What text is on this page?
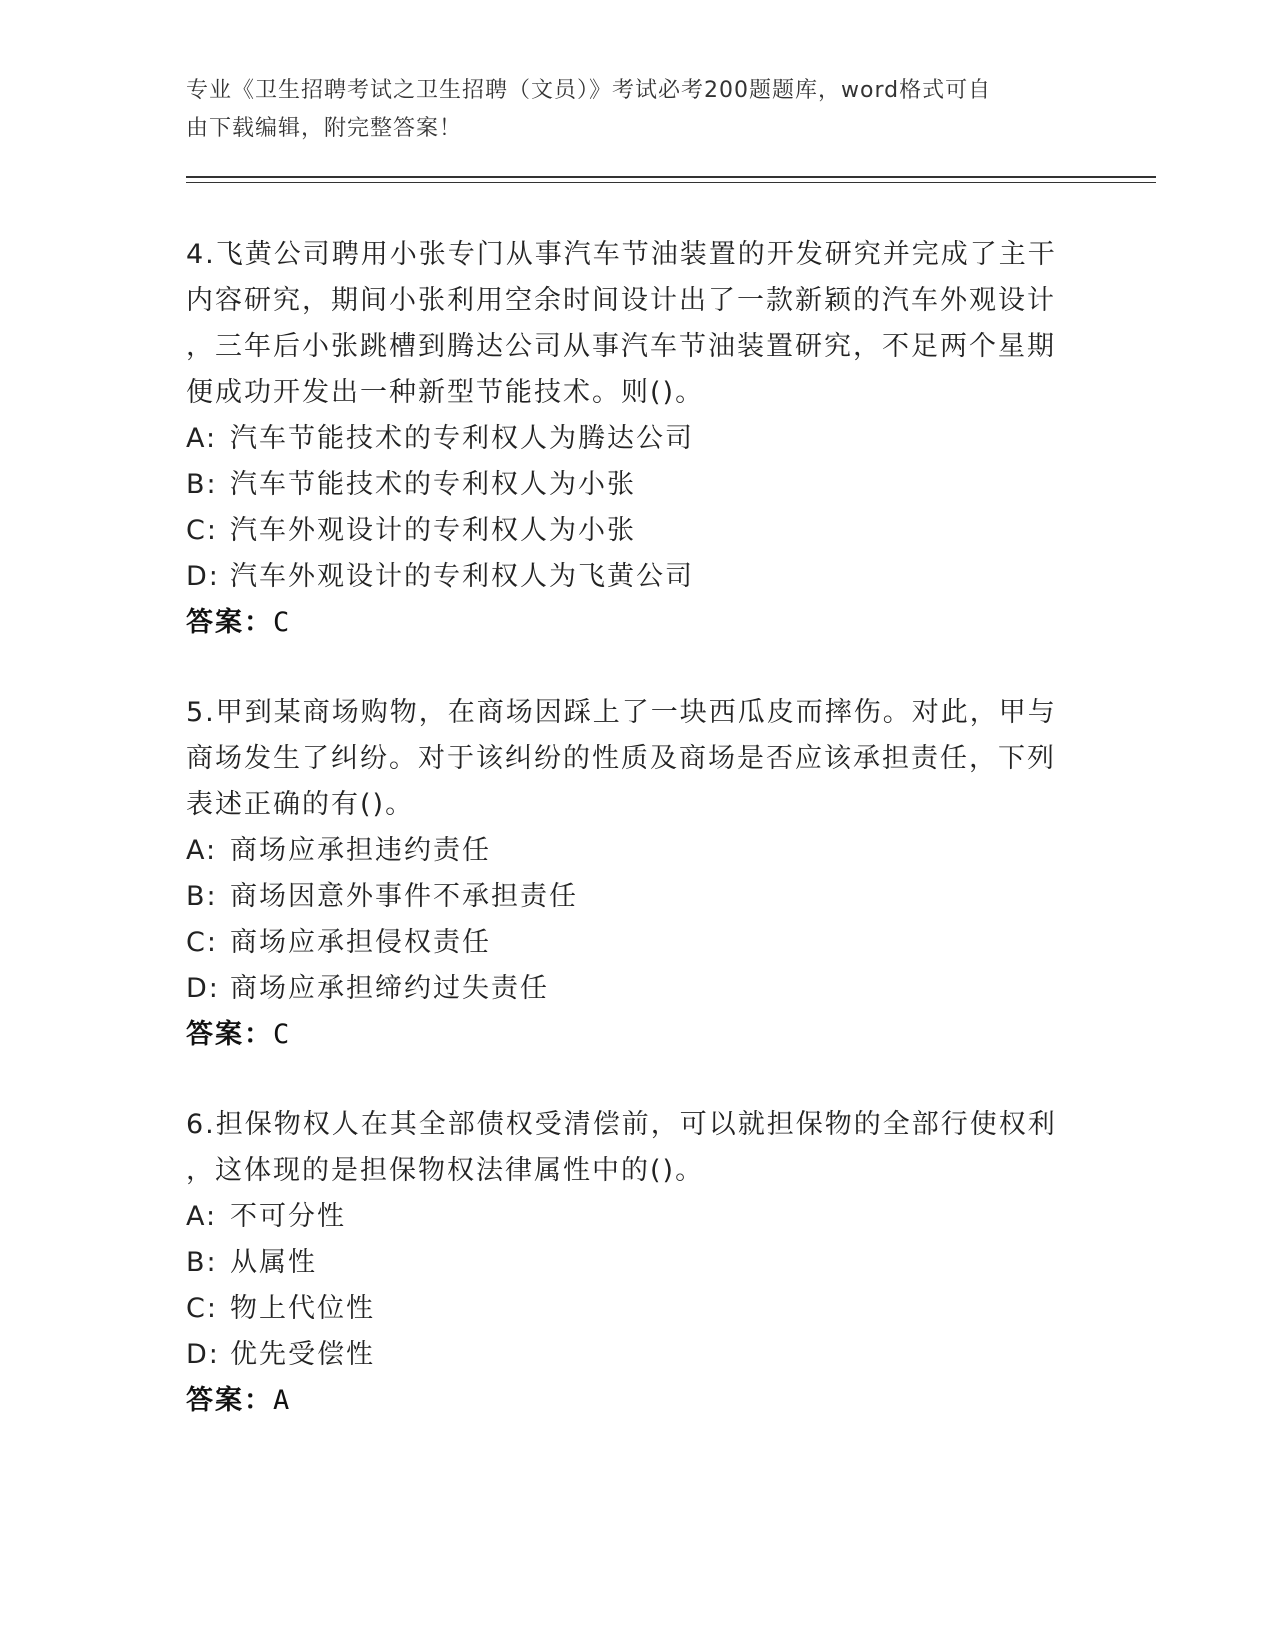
专业《卫生招聘考试之卫生招聘（文员）》考试必考200题题库，word格式可自
由下载编辑，附完整答案！
4.飞黄公司聘用小张专门从事汽车节油装置的开发研究并完成了主干
内容研究，期间小张利用空余时间设计出了一款新颖的汽车外观设计
，三年后小张跳槽到腾达公司从事汽车节油装置研究，不足两个星期
便成功开发出一种新型节能技术。则()。
A: 汽车节能技术的专利权人为腾达公司
B: 汽车节能技术的专利权人为小张
C: 汽车外观设计的专利权人为小张
D: 汽车外观设计的专利权人为飞黄公司
答案：C
5.甲到某商场购物，在商场因踩上了一块西瓜皮而摔伤。对此，甲与
商场发生了纠纷。对于该纠纷的性质及商场是否应该承担责任，下列
表述正确的有()。
A: 商场应承担违约责任
B: 商场因意外事件不承担责任
C: 商场应承担侵权责任
D: 商场应承担缔约过失责任
答案：C
6.担保物权人在其全部债权受清偿前，可以就担保物的全部行使权利
，这体现的是担保物权法律属性中的()。
A: 不可分性
B: 从属性
C: 物上代位性
D: 优先受偿性
答案：A
